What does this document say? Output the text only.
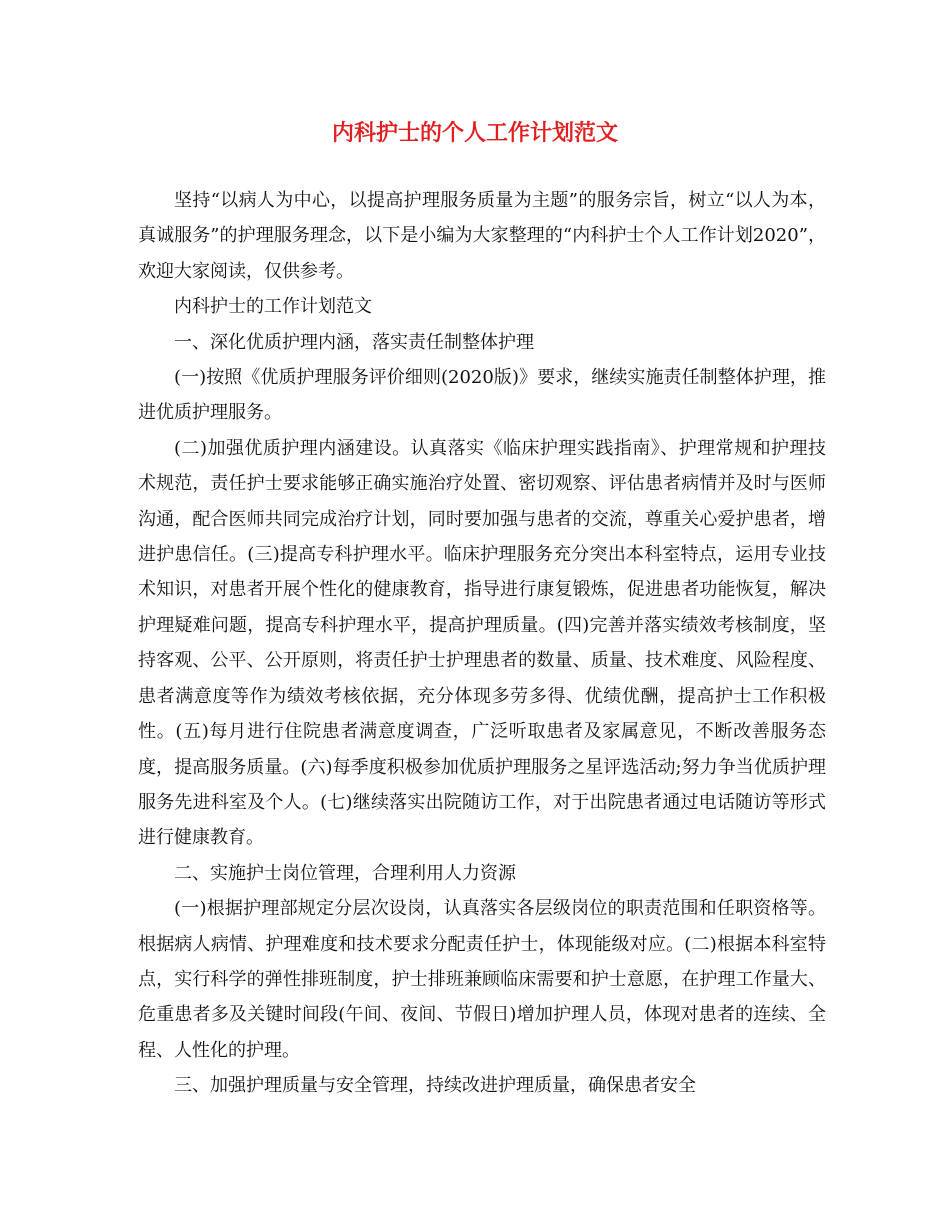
内科护士的个人工作计划范文

坚持“以病人为中心，以提高护理服务质量为主题”的服务宗旨，树立“以人为本，真诚服务”的护理服务理念，以下是小编为大家整理的“内科护士个人工作计划2020”，欢迎大家阅读，仅供参考。

内科护士的工作计划范文

一、深化优质护理内涵，落实责任制整体护理

(一)按照《优质护理服务评价细则(2020版)》要求，继续实施责任制整体护理，推进优质护理服务。

(二)加强优质护理内涵建设。认真落实《临床护理实践指南》、护理常规和护理技术规范，责任护士要求能够正确实施治疗处置、密切观察、评估患者病情并及时与医师沟通，配合医师共同完成治疗计划，同时要加强与患者的交流，尊重关心爱护患者，增进护患信任。(三)提高专科护理水平。临床护理服务充分突出本科室特点，运用专业技术知识，对患者开展个性化的健康教育，指导进行康复锻炼，促进患者功能恢复，解决护理疑难问题，提高专科护理水平，提高护理质量。(四)完善并落实绩效考核制度，坚持客观、公平、公开原则，将责任护士护理患者的数量、质量、技术难度、风险程度、患者满意度等作为绩效考核依据，充分体现多劳多得、优绩优酬，提高护士工作积极性。(五)每月进行住院患者满意度调查，广泛听取患者及家属意见，不断改善服务态度，提高服务质量。(六)每季度积极参加优质护理服务之星评选活动;努力争当优质护理服务先进科室及个人。(七)继续落实出院随访工作，对于出院患者通过电话随访等形式进行健康教育。

二、实施护士岗位管理，合理利用人力资源

(一)根据护理部规定分层次设岗，认真落实各层级岗位的职责范围和任职资格等。根据病人病情、护理难度和技术要求分配责任护士，体现能级对应。(二)根据本科室特点，实行科学的弹性排班制度，护士排班兼顾临床需要和护士意愿，在护理工作量大、危重患者多及关键时间段(午间、夜间、节假日)增加护理人员，体现对患者的连续、全程、人性化的护理。

三、加强护理质量与安全管理，持续改进护理质量，确保患者安全
